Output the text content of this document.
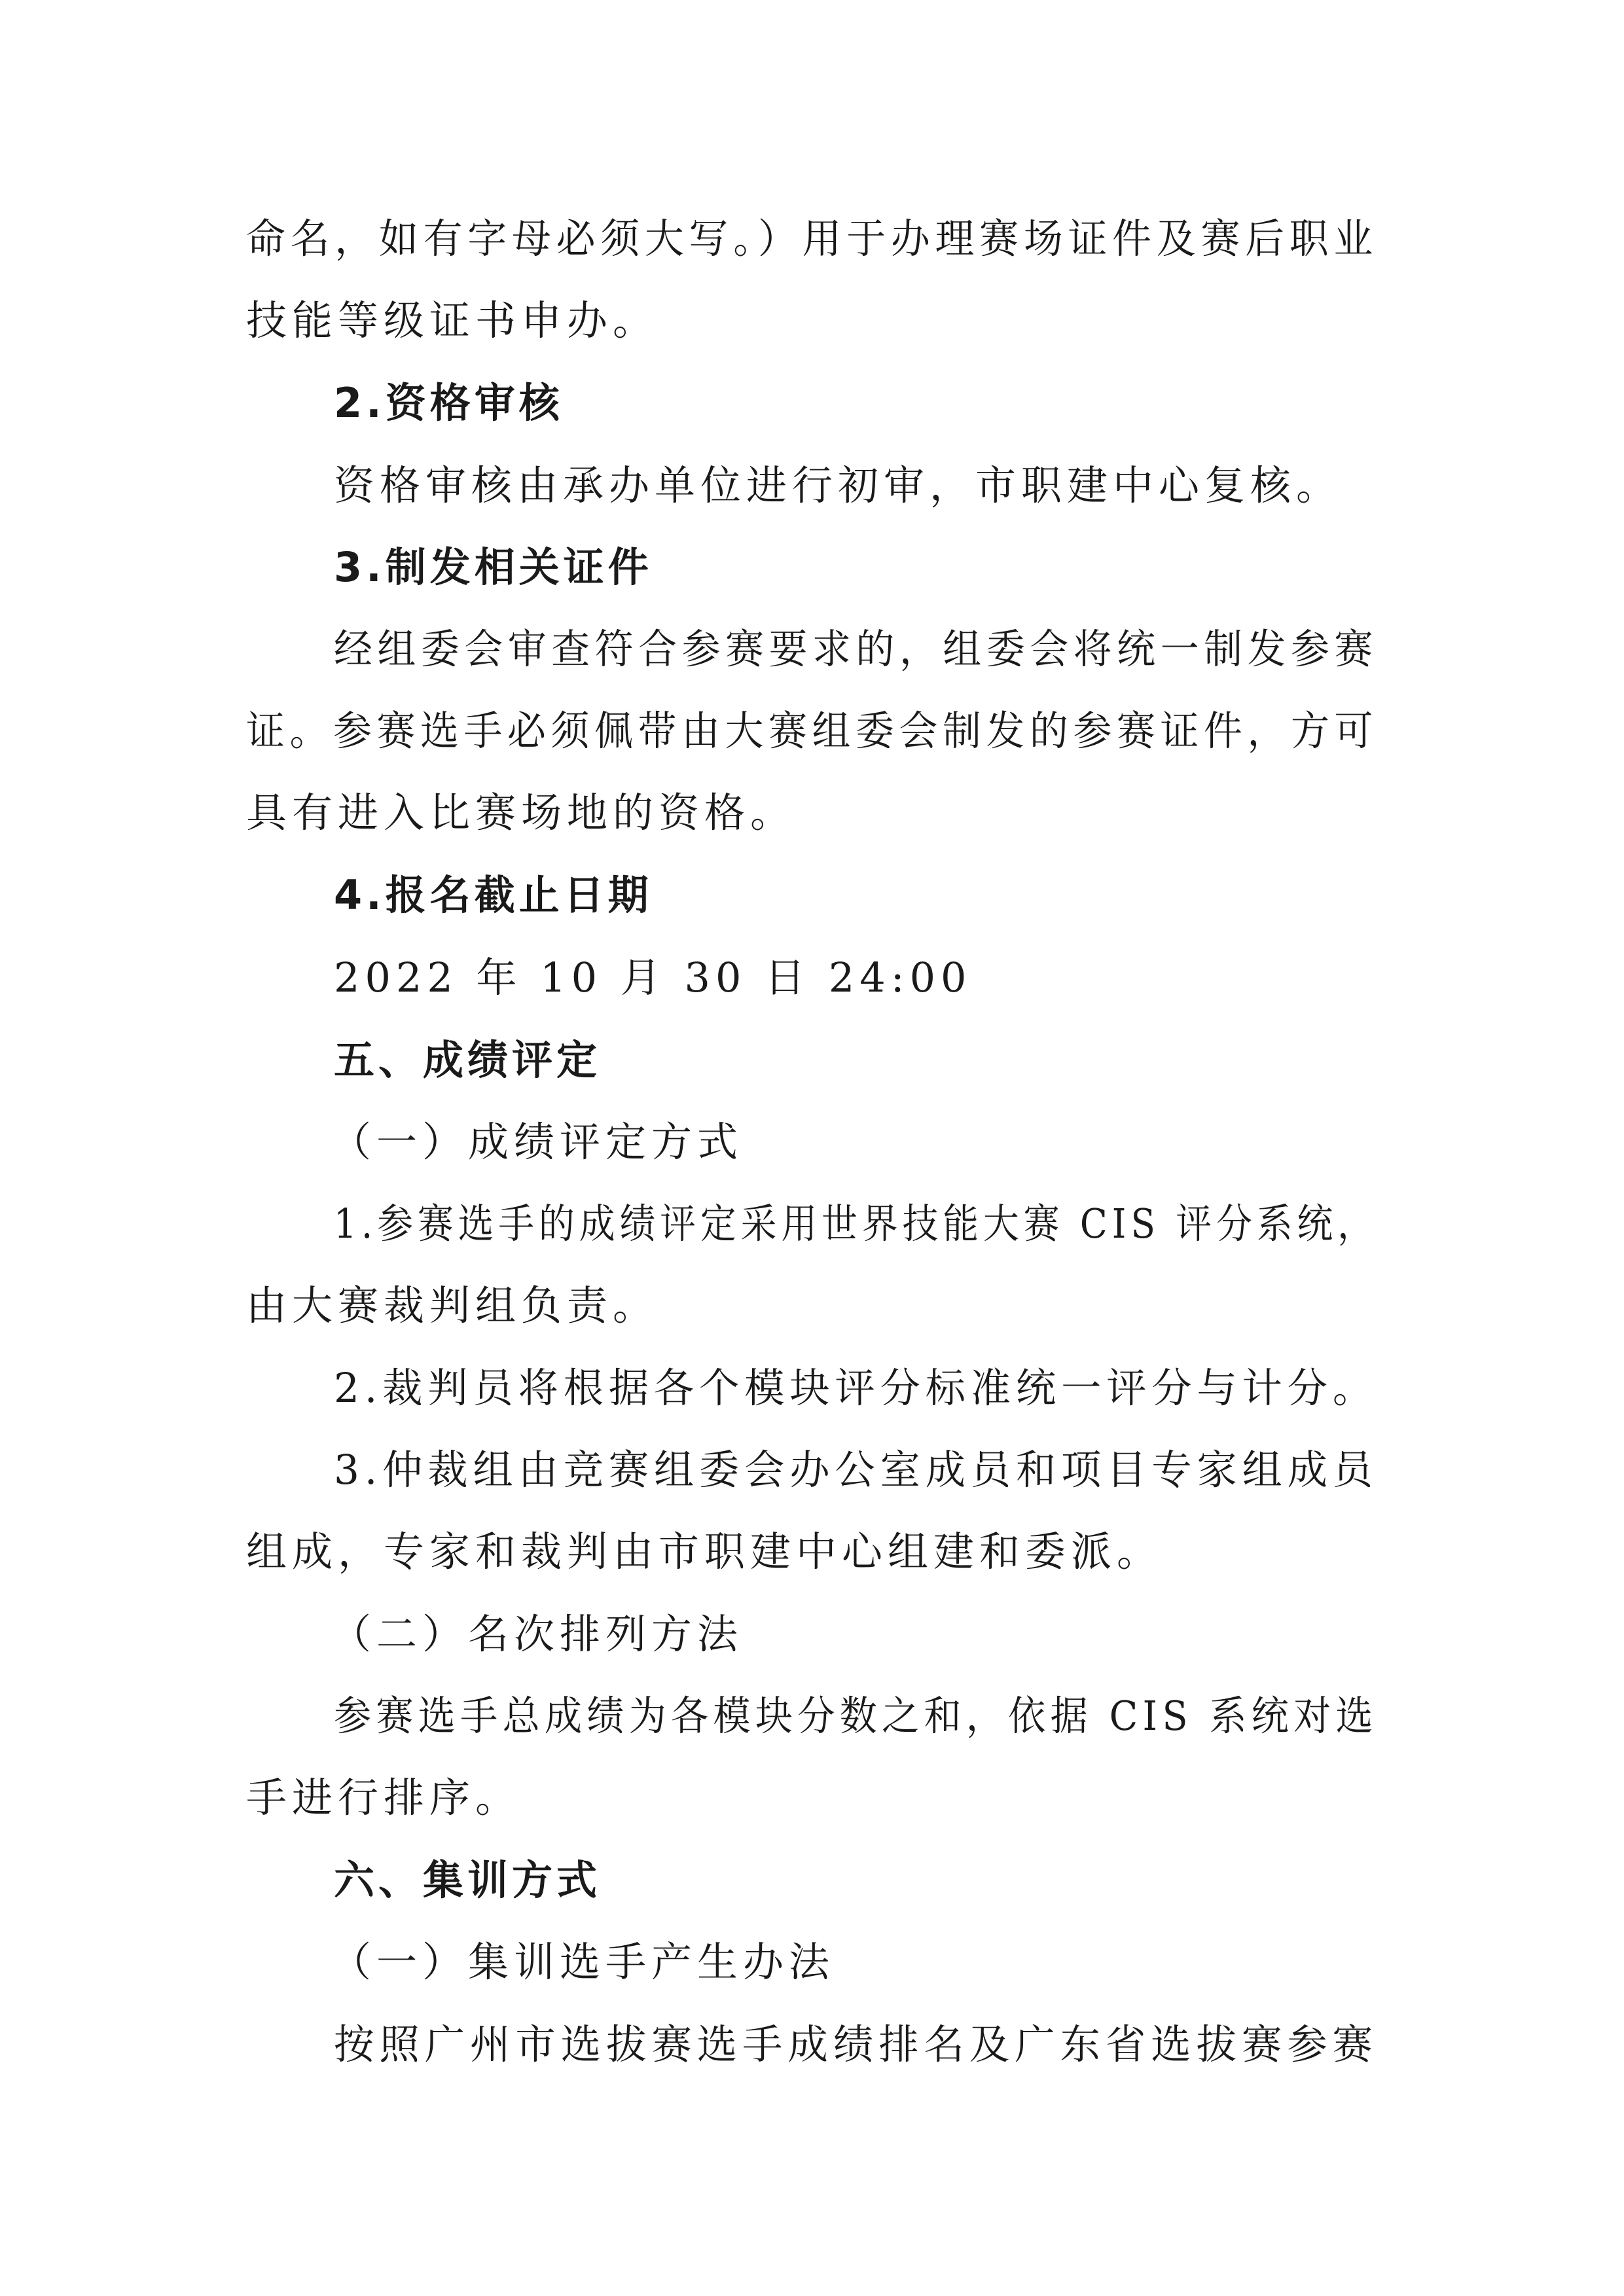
命名，如有字母必须大写。）用于办理赛场证件及赛后职业
技能等级证书申办。
2.资格审核
资格审核由承办单位进行初审，市职建中心复核。
3.制发相关证件
经组委会审查符合参赛要求的，组委会将统一制发参赛
证。参赛选手必须佩带由大赛组委会制发的参赛证件，方可
具有进入比赛场地的资格。
4.报名截止日期
2022 年 10 月 30 日 24:00
五、成绩评定
（一）成绩评定方式
1.参赛选手的成绩评定采用世界技能大赛 CIS 评分系统，
由大赛裁判组负责。
2.裁判员将根据各个模块评分标准统一评分与计分。
3.仲裁组由竞赛组委会办公室成员和项目专家组成员
组成，专家和裁判由市职建中心组建和委派。
（二）名次排列方法
参赛选手总成绩为各模块分数之和，依据 CIS 系统对选
手进行排序。
六、集训方式
（一）集训选手产生办法
按照广州市选拔赛选手成绩排名及广东省选拔赛参赛
